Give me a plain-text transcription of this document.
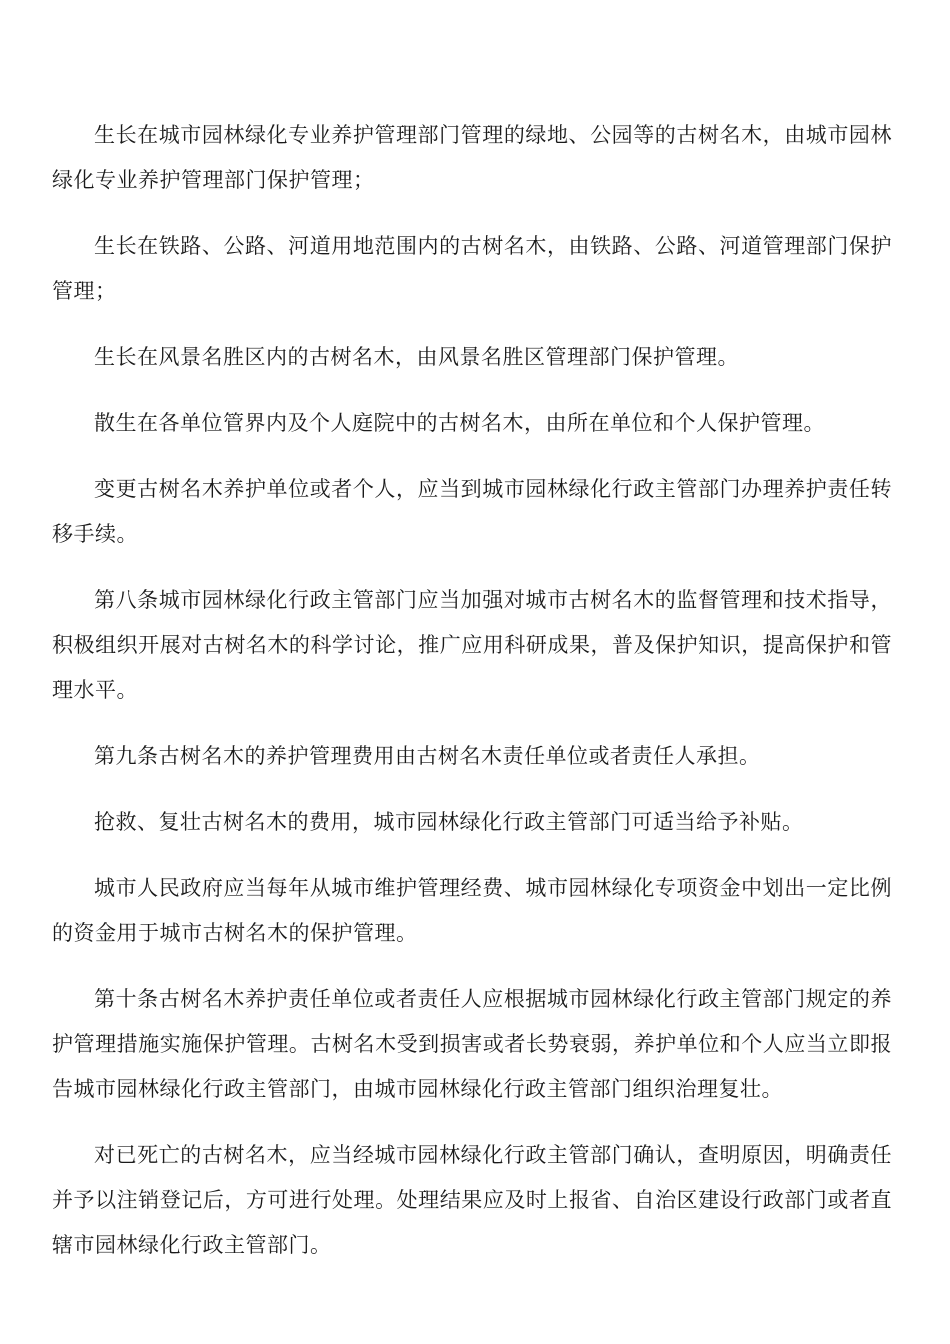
生长在城市园林绿化专业养护管理部门管理的绿地、公园等的古树名木，由城市园林绿化专业养护管理部门保护管理；

生长在铁路、公路、河道用地范围内的古树名木，由铁路、公路、河道管理部门保护管理；

生长在风景名胜区内的古树名木，由风景名胜区管理部门保护管理。

散生在各单位管界内及个人庭院中的古树名木，由所在单位和个人保护管理。

变更古树名木养护单位或者个人，应当到城市园林绿化行政主管部门办理养护责任转移手续。

第八条城市园林绿化行政主管部门应当加强对城市古树名木的监督管理和技术指导，积极组织开展对古树名木的科学讨论，推广应用科研成果，普及保护知识，提高保护和管理水平。

第九条古树名木的养护管理费用由古树名木责任单位或者责任人承担。

抢救、复壮古树名木的费用，城市园林绿化行政主管部门可适当给予补贴。

城市人民政府应当每年从城市维护管理经费、城市园林绿化专项资金中划出一定比例的资金用于城市古树名木的保护管理。

第十条古树名木养护责任单位或者责任人应根据城市园林绿化行政主管部门规定的养护管理措施实施保护管理。古树名木受到损害或者长势衰弱，养护单位和个人应当立即报告城市园林绿化行政主管部门，由城市园林绿化行政主管部门组织治理复壮。

对已死亡的古树名木，应当经城市园林绿化行政主管部门确认，查明原因，明确责任并予以注销登记后，方可进行处理。处理结果应及时上报省、自治区建设行政部门或者直辖市园林绿化行政主管部门。
